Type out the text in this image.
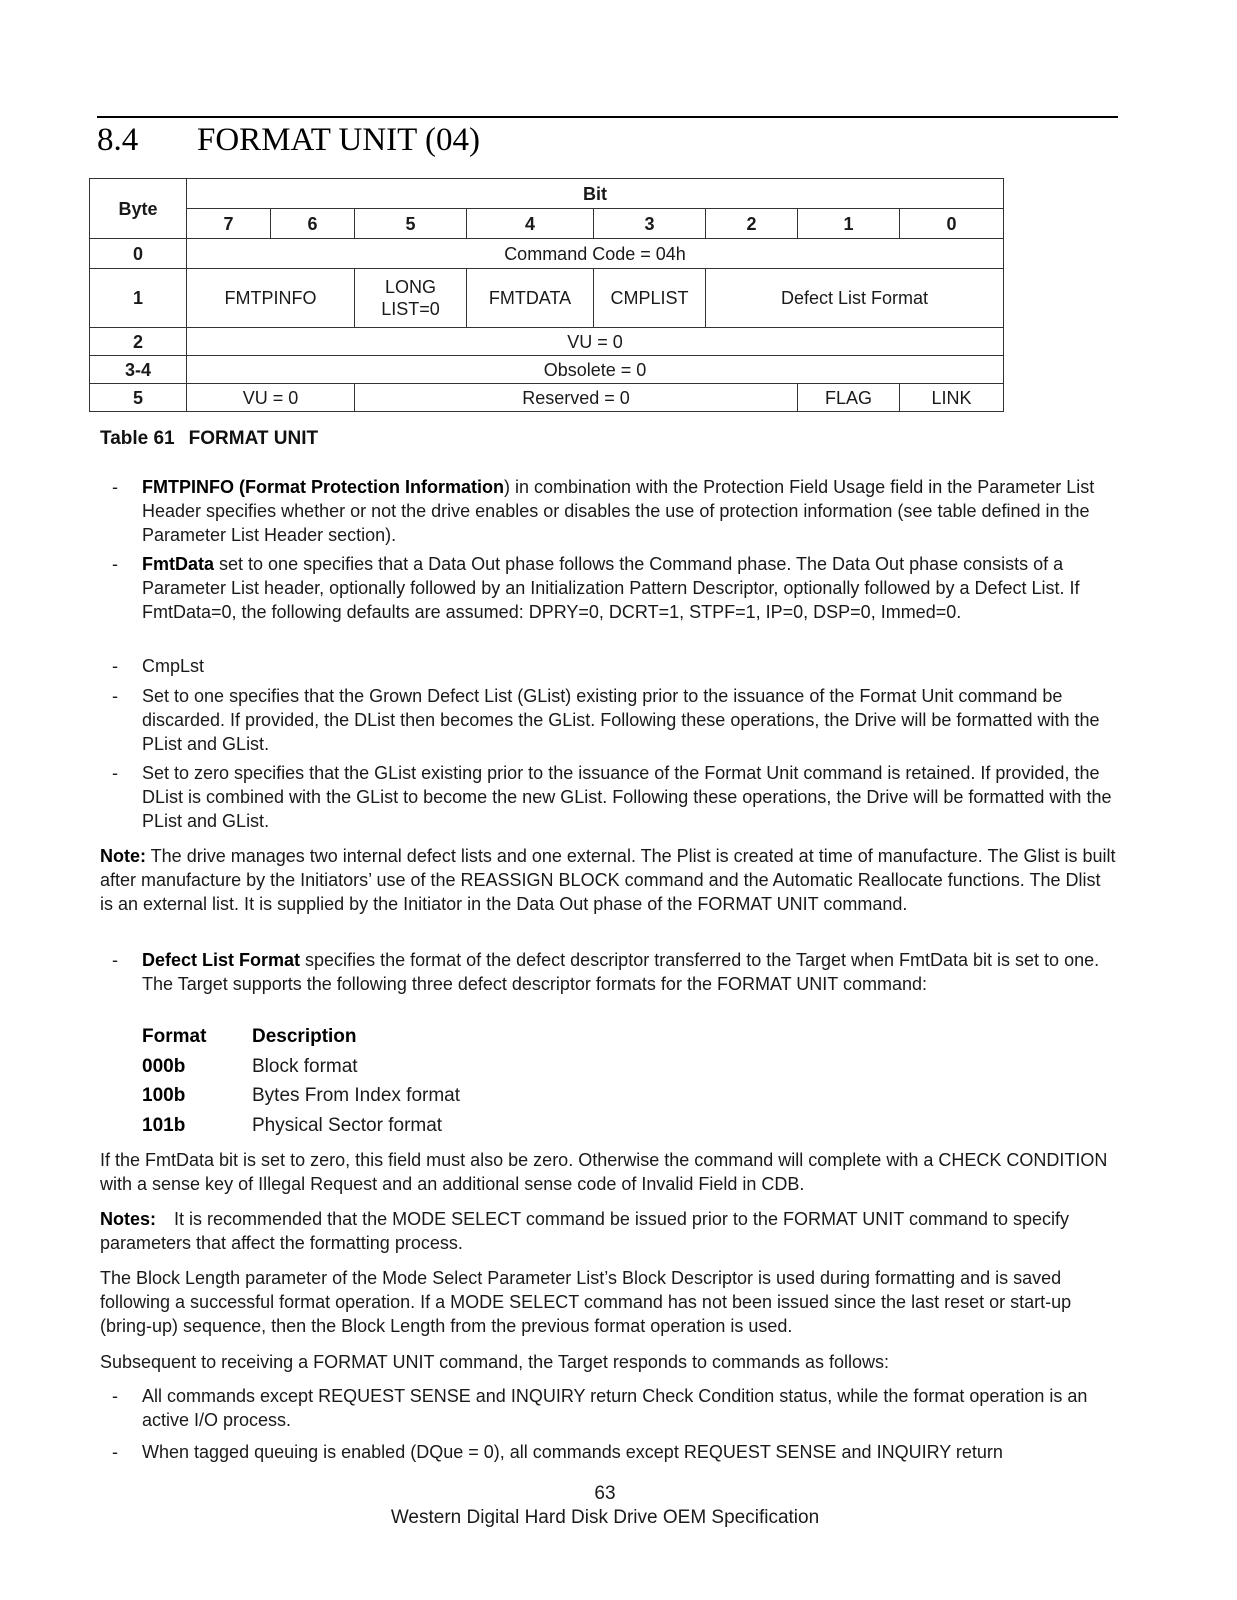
8.4 FORMAT UNIT (04)
Byte	Bit							
	7	6	5	4	3	2	1	0
0	Command Code = 04h							
1	FMTPINFO		LONG LIST=0	FMTDATA	CMPLIST	Defect List Format		
2	VU = 0							
3-4	Obsolete = 0							
5	VU = 0		Reserved = 0				FLAG	LINK
Table 61 FORMAT UNIT
-	FMTPINFO (Format Protection Information) in combination with the Protection Field Usage field in the Parameter List Header specifies whether or not the drive enables or disables the use of protection information (see table defined in the Parameter List Header section).
-	FmtData set to one specifies that a Data Out phase follows the Command phase. The Data Out phase consists of a Parameter List header, optionally followed by an Initialization Pattern Descriptor, optionally followed by a Defect List. If FmtData=0, the following defaults are assumed: DPRY=0, DCRT=1, STPF=1, IP=0, DSP=0, Immed=0.
-	CmpLst
-	Set to one specifies that the Grown Defect List (GList) existing prior to the issuance of the Format Unit command be discarded. If provided, the DList then becomes the GList. Following these operations, the Drive will be formatted with the PList and GList.
-	Set to zero specifies that the GList existing prior to the issuance of the Format Unit command is retained. If provided, the DList is combined with the GList to become the new GList. Following these operations, the Drive will be formatted with the PList and GList.
Note: The drive manages two internal defect lists and one external. The Plist is created at time of manufacture. The Glist is built after manufacture by the Initiators’ use of the REASSIGN BLOCK command and the Automatic Reallocate functions. The Dlist is an external list. It is supplied by the Initiator in the Data Out phase of the FORMAT UNIT command.
-	Defect List Format specifies the format of the defect descriptor transferred to the Target when FmtData bit is set to one. The Target supports the following three defect descriptor formats for the FORMAT UNIT command:
Format	Description
000b	Block format
100b	Bytes From Index format
101b	Physical Sector format
If the FmtData bit is set to zero, this field must also be zero. Otherwise the command will complete with a CHECK CONDITION with a sense key of Illegal Request and an additional sense code of Invalid Field in CDB.
Notes: It is recommended that the MODE SELECT command be issued prior to the FORMAT UNIT command to specify parameters that affect the formatting process.
The Block Length parameter of the Mode Select Parameter List’s Block Descriptor is used during formatting and is saved following a successful format operation. If a MODE SELECT command has not been issued since the last reset or start-up (bring-up) sequence, then the Block Length from the previous format operation is used.
Subsequent to receiving a FORMAT UNIT command, the Target responds to commands as follows:
-	All commands except REQUEST SENSE and INQUIRY return Check Condition status, while the format operation is an active I/O process.
-	When tagged queuing is enabled (DQue = 0), all commands except REQUEST SENSE and INQUIRY return
63
Western Digital Hard Disk Drive OEM Specification
